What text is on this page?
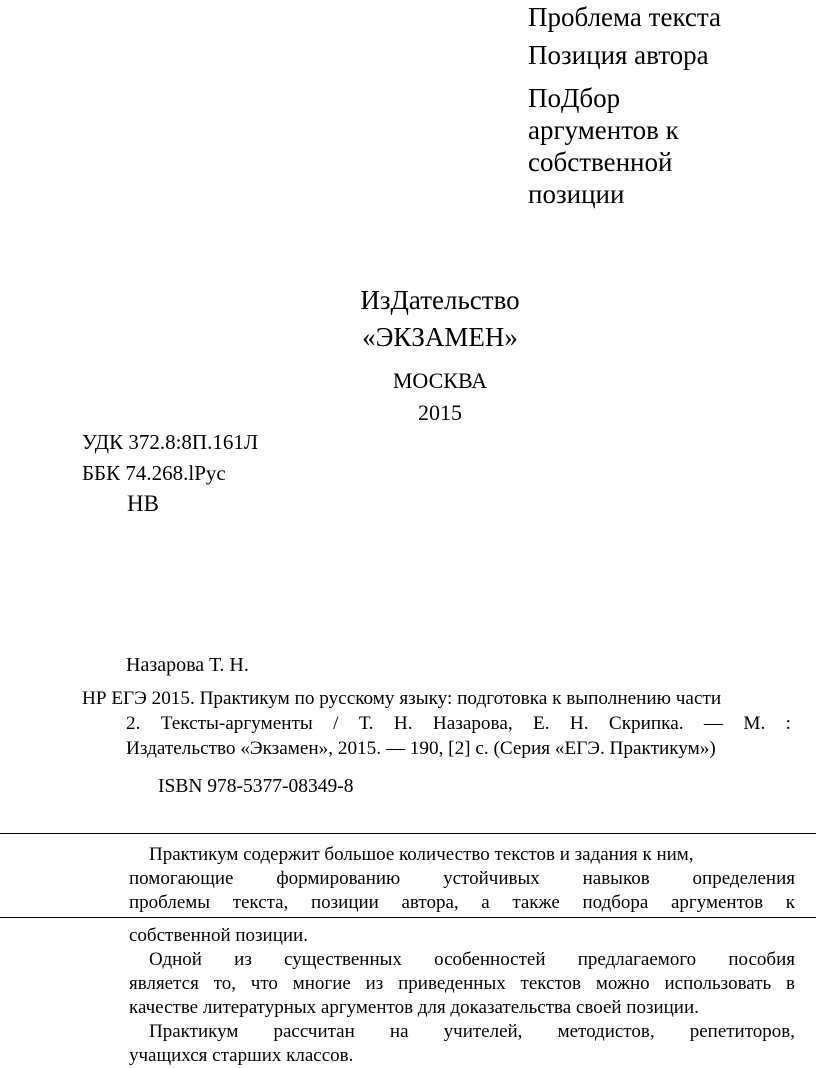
Проблема текста
Позиция автора
ПоДбор
аргументов к
собственной
позиции
ИзДательство
«ЭКЗАМЕН»
МОСКВА
2015
УДК 372.8:8П.161Л
ББК 74.268.lРус
НВ
Назарова Т. Н.
НР ЕГЭ 2015. Практикум по русскому языку: подготовка к выполнению части
2. Тексты-аргументы / Т. Н. Назарова, Е. Н. Скрипка. — М. :
Издательство «Экзамен», 2015. — 190, [2] с. (Серия «ЕГЭ. Практикум»)
ISBN 978-5377-08349-8
Практикум содержит большое количество текстов и задания к ним,
помогающие формированию устойчивых навыков определения
проблемы текста, позиции автора, а также подбора аргументов к
собственной позиции.
Одной из существенных особенностей предлагаемого пособия
является то, что многие из приведенных текстов можно использовать в
качестве литературных аргументов для доказательства своей позиции.
Практикум рассчитан на учителей, методистов, репетиторов,
учащихся старших классов.
